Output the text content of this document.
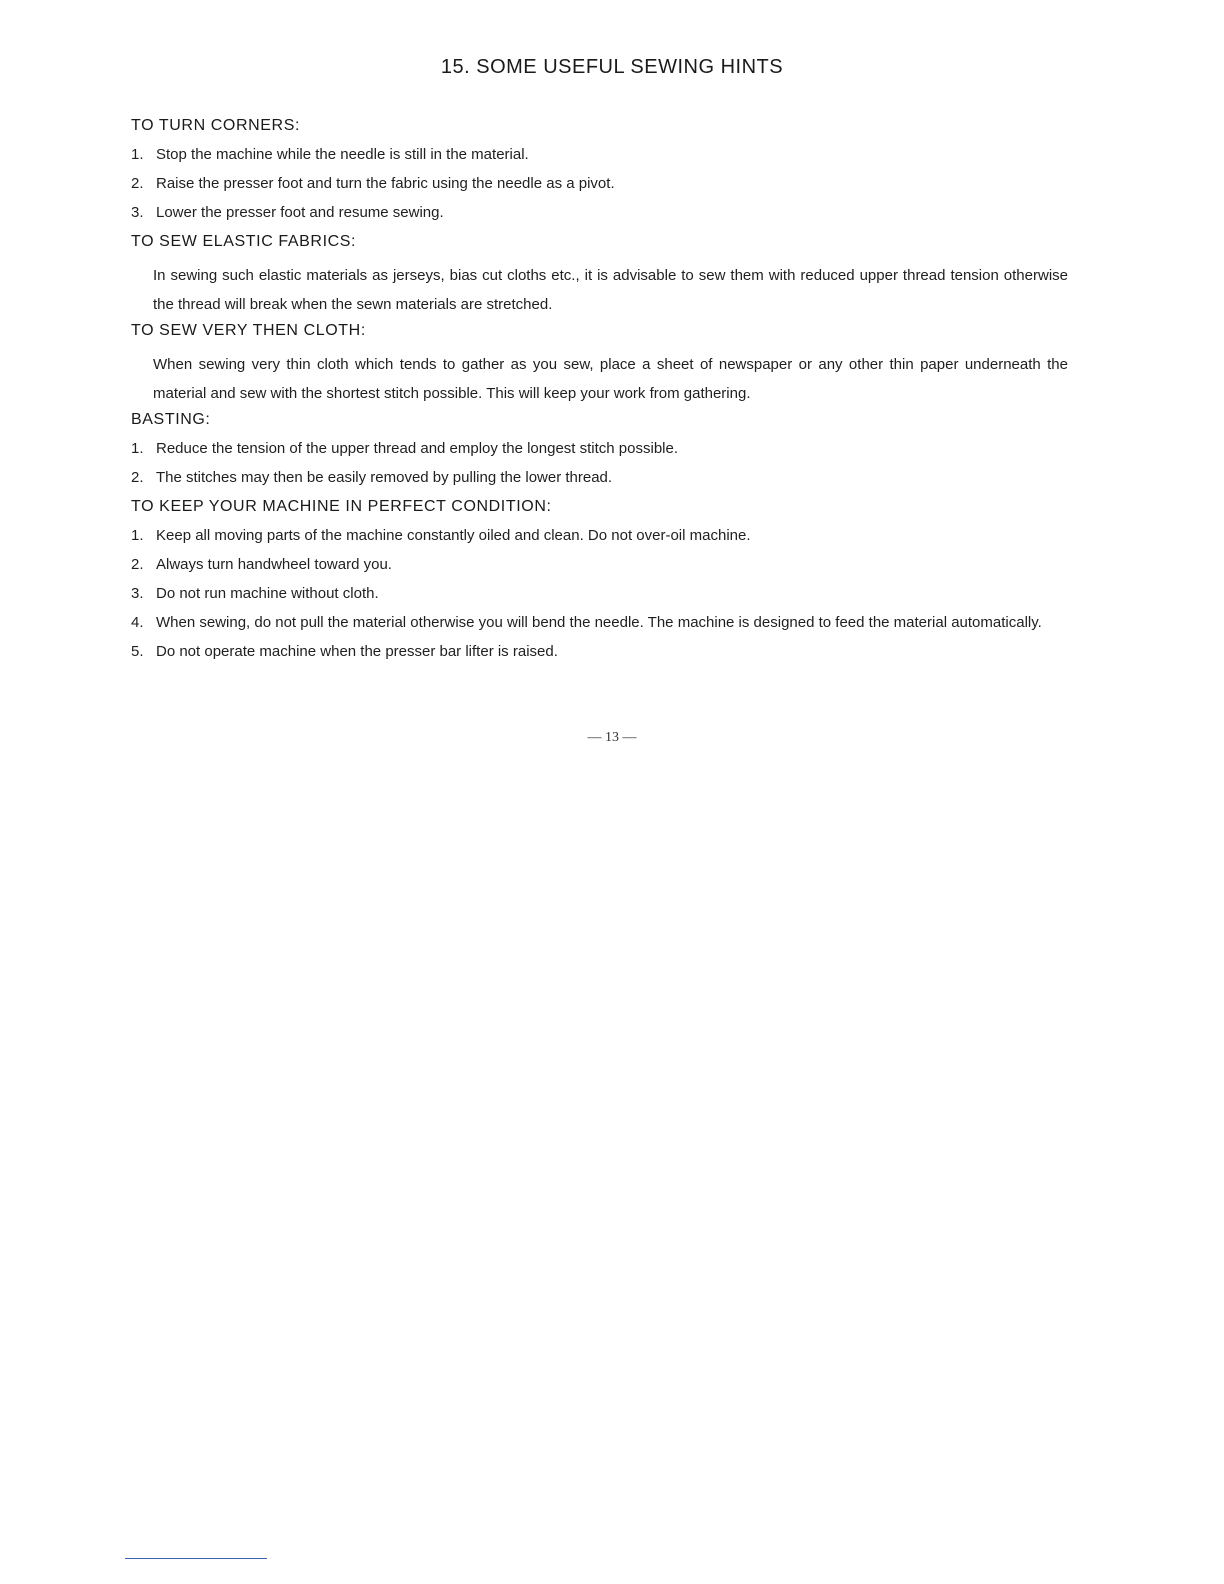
15. SOME USEFUL SEWING HINTS
TO TURN CORNERS:
1. Stop the machine while the needle is still in the material.
2. Raise the presser foot and turn the fabric using the needle as a pivot.
3. Lower the presser foot and resume sewing.
TO SEW ELASTIC FABRICS:

In sewing such elastic materials as jerseys, bias cut cloths etc., it is advisable to sew them with reduced upper thread tension otherwise the thread will break when the sewn materials are stretched.

TO SEW VERY THEN CLOTH:

When sewing very thin cloth which tends to gather as you sew, place a sheet of newspaper or any other thin paper underneath the material and sew with the shortest stitch possible. This will keep your work from gathering.

BASTING:
1. Reduce the tension of the upper thread and employ the longest stitch possible.
2. The stitches may then be easily removed by pulling the lower thread.
TO KEEP YOUR MACHINE IN PERFECT CONDITION:
1. Keep all moving parts of the machine constantly oiled and clean. Do not over-oil machine.
2. Always turn handwheel toward you.
3. Do not run machine without cloth.
4. When sewing, do not pull the material otherwise you will bend the needle. The machine is designed to feed the material automatically.
5. Do not operate machine when the presser bar lifter is raised.
— 13 —
